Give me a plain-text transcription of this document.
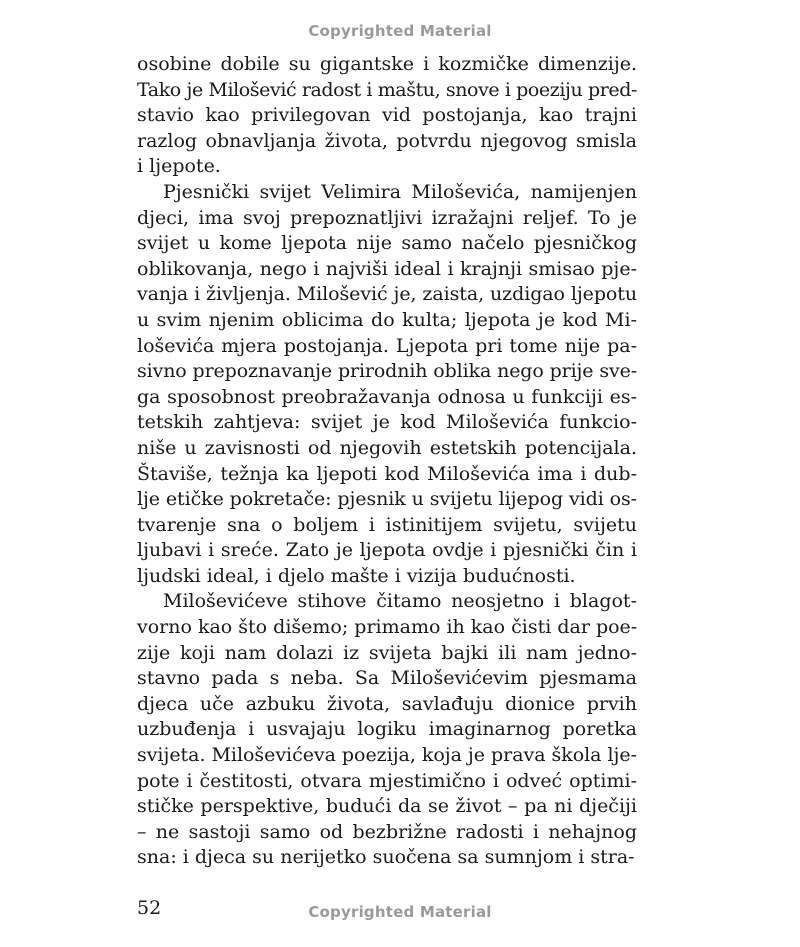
Copyrighted Material
osobine dobile su gigantske i kozmičke dimenzije.
Tako je Milošević radost i maštu, snove i poeziju pred-
stavio kao privilegovan vid postojanja, kao trajni
razlog obnavljanja života, potvrdu njegovog smisla
i ljepote.
Pjesnički svijet Velimira Miloševića, namijenjen
djeci, ima svoj prepoznatljivi izražajni reljef. To je
svijet u kome ljepota nije samo načelo pjesničkog
oblikovanja, nego i najviši ideal i krajnji smisao pje-
vanja i življenja. Milošević je, zaista, uzdigao ljepotu
u svim njenim oblicima do kulta; ljepota je kod Mi-
loševića mjera postojanja. Ljepota pri tome nije pa-
sivno prepoznavanje prirodnih oblika nego prije sve-
ga sposobnost preobražavanja odnosa u funkciji es-
tetskih zahtjeva: svijet je kod Miloševića funkcio-
niše u zavisnosti od njegovih estetskih potencijala.
Štaviše, težnja ka ljepoti kod Miloševića ima i dub-
lje etičke pokretače: pjesnik u svijetu lijepog vidi os-
tvarenje sna o boljem i istinitijem svijetu, svijetu
ljubavi i sreće. Zato je ljepota ovdje i pjesnički čin i
ljudski ideal, i djelo mašte i vizija budućnosti.
Miloševićeve stihove čitamo neosjetno i blagot-
vorno kao što dišemo; primamo ih kao čisti dar poe-
zije koji nam dolazi iz svijeta bajki ili nam jedno-
stavno pada s neba. Sa Miloševićevim pjesmama
djeca uče azbuku života, savlađuju dionice prvih
uzbuđenja i usvajaju logiku imaginarnog poretka
svijeta. Miloševićeva poezija, koja je prava škola lje-
pote i čestitosti, otvara mjestimično i odveć optimi-
stičke perspektive, budući da se život – pa ni dječiji
– ne sastoji samo od bezbrižne radosti i nehajnog
sna: i djeca su nerijetko suočena sa sumnjom i stra-
52	Copyrighted Material
